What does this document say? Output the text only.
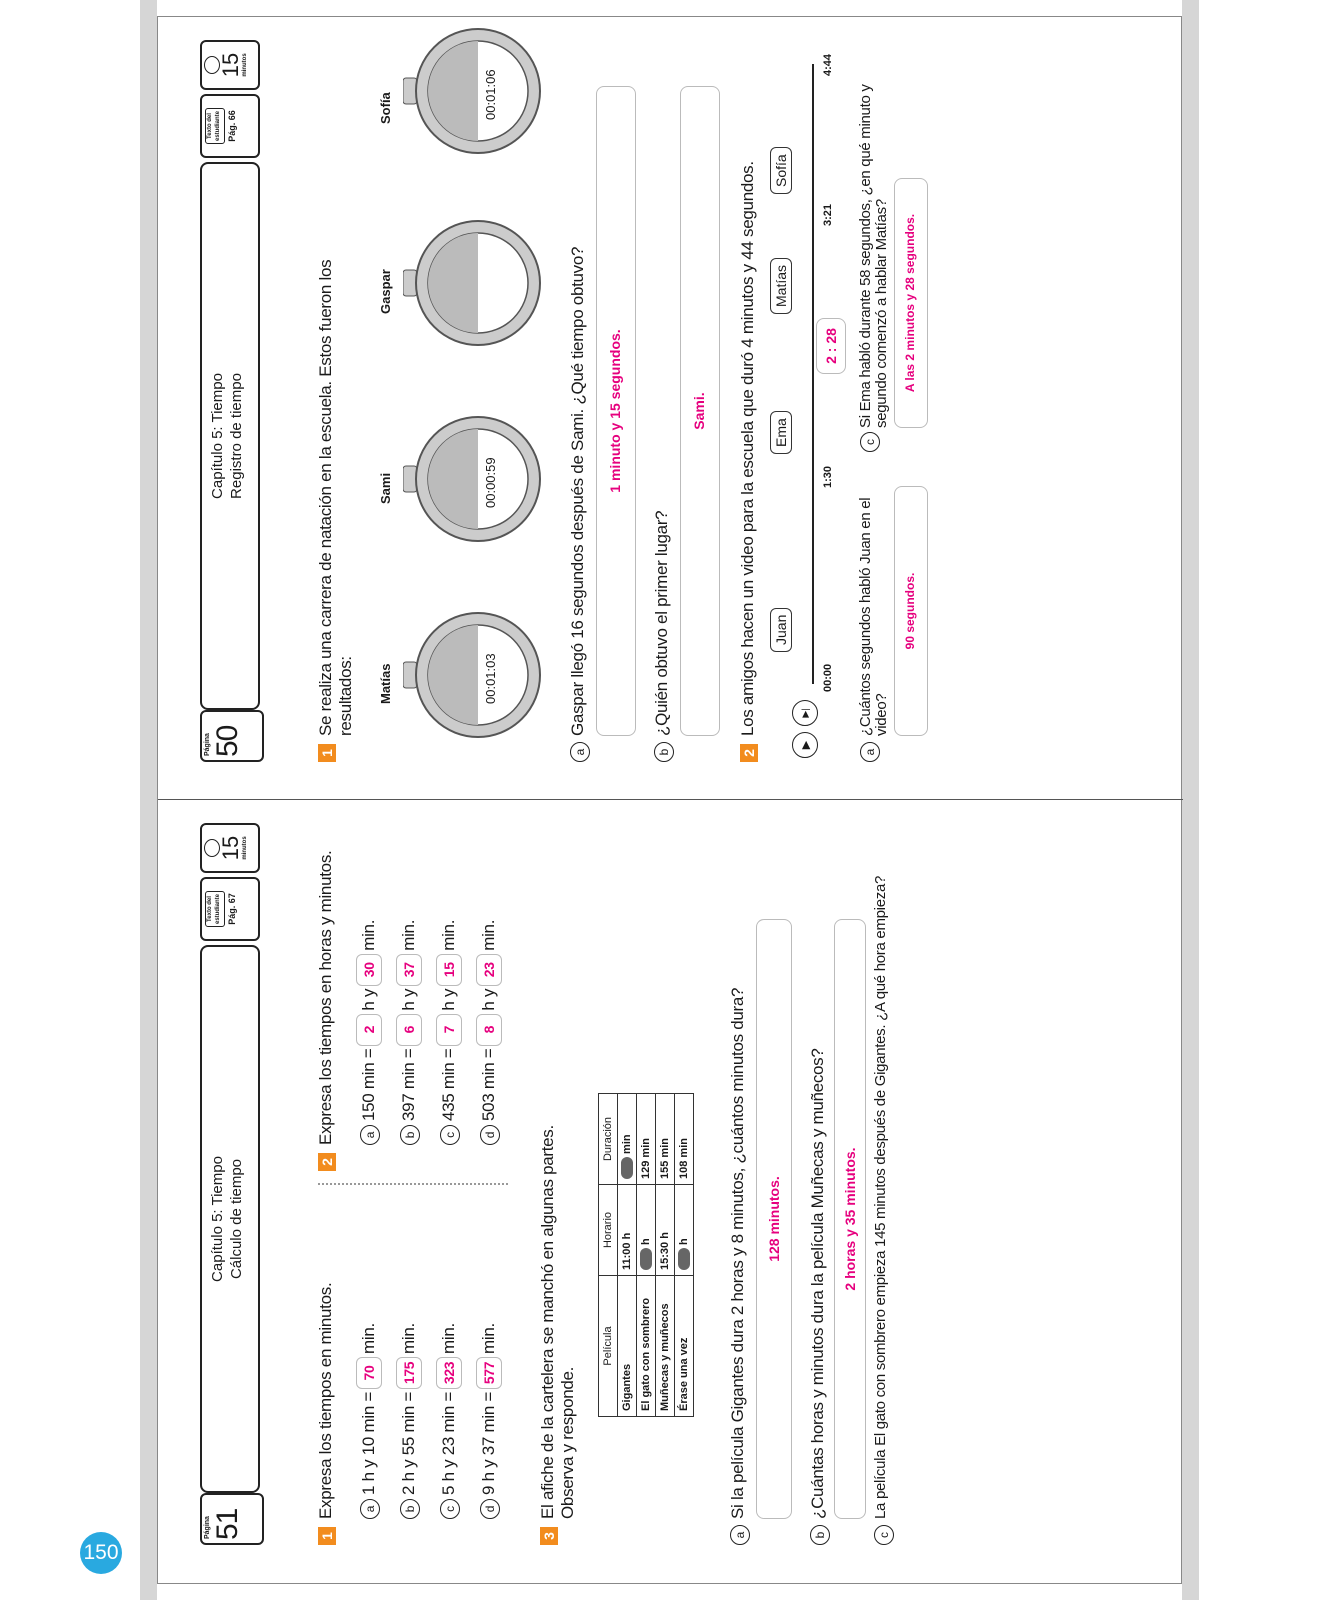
150
Página 50
Capítulo 5: Tiempo Registro de tiempo
Texto del estudiante Pág. 66
15 minutos
1
Se realiza una carrera de natación en la escuela. Estos fueron los resultados: Matías
Sami
Gaspar
Sofía
00:01:03
00:00:59
00:01:06
a
Gaspar llegó 16 segundos después de Sami. ¿Qué tiempo obtuvo? 1 minuto y 15 segundos.
b
¿Quién obtuvo el primer lugar?
Sami.
2
Los amigos hacen un video para la escuela que duró 4 minutos y 44 segundos.
▶
▶|
Juan
Ema
Matías
Sofía
00:00
1:30
2 : 28
3:21
4:44
a
¿Cuántos segundos habló Juan en el video?
90 segundos.
c
Si Ema habló durante 58 segundos, ¿en qué minuto y segundo comenzó a hablar Matías? A las 2 minutos y 28 segundos.
Página 51
Capítulo 5: Tiempo Cálculo de tiempo
Texto del estudiante Pág. 67
15 minutos
1
Expresa los tiempos en minutos.	a1 h y 10 min =70min.
b2 h y 55 min =175min.
c5 h y 23 min =323min.
d9 h y 37 min =577min.
2
Expresa los tiempos en horas y minutos.	a150 min =2h y30min.
b397 min =6h y37min.
c435 min =7h y15min.
d503 min =8h y23min.
3
El afiche de la cartelera se manchó en algunas partes. Observa y responde.
Película	Horario	Duración
Gigantes	11:00 h	min
El gato con sombrero	h	129 min
Muñecas y muñecos	15:30 h	155 min
Érase una vez	h	108 min
a
Si la película Gigantes dura 2 horas y 8 minutos, ¿cuántos minutos dura? 128 minutos.
b
¿Cuántas horas y minutos dura la película Muñecas y muñecos? 2 horas y 35 minutos.
c
La película El gato con sombrero empieza 145 minutos después de Gigantes. ¿A qué hora empieza?
